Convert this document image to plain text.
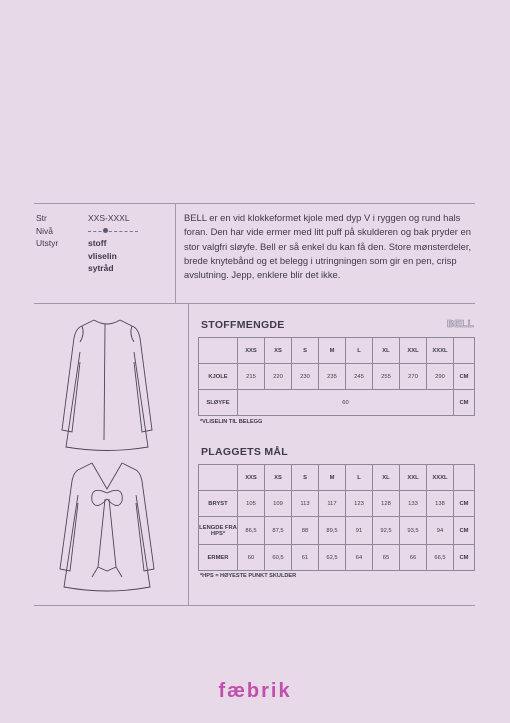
Str	XXS-XXXL
Nivå
Utstyr	stoff
vliselin
sytråd
BELL er en vid klokkeformet kjole med dyp V i ryggen og rund hals foran. Den har vide ermer med litt puff på skulderen og bak pryder en stor valgfri sløyfe. Bell er så enkel du kan få den. Store mønsterdeler, brede knytebånd og et belegg i utringningen som gir en pen, crisp avslutning. Jepp, enklere blir det ikke.
STOFFMENGDE	BELL
	XXS	XS	S	M	L	XL	XXL	XXXL	
KJOLE	215	220	230	235	245	255	270	290	CM
SLØYFE	60								CM
*VLISELIN TIL BELEGG
PLAGGETS MÅL
	XXS	XS	S	M	L	XL	XXL	XXXL	
BRYST	105	109	113	117	123	128	133	138	CM
LENGDE FRA HPS*	86,5	87,5	88	89,5	91	92,5	93,5	94	CM
ERMER	60	60,5	61	62,5	64	65	66	66,5	CM
*HPS = HØYESTE PUNKT SKULDER
fæbrik
